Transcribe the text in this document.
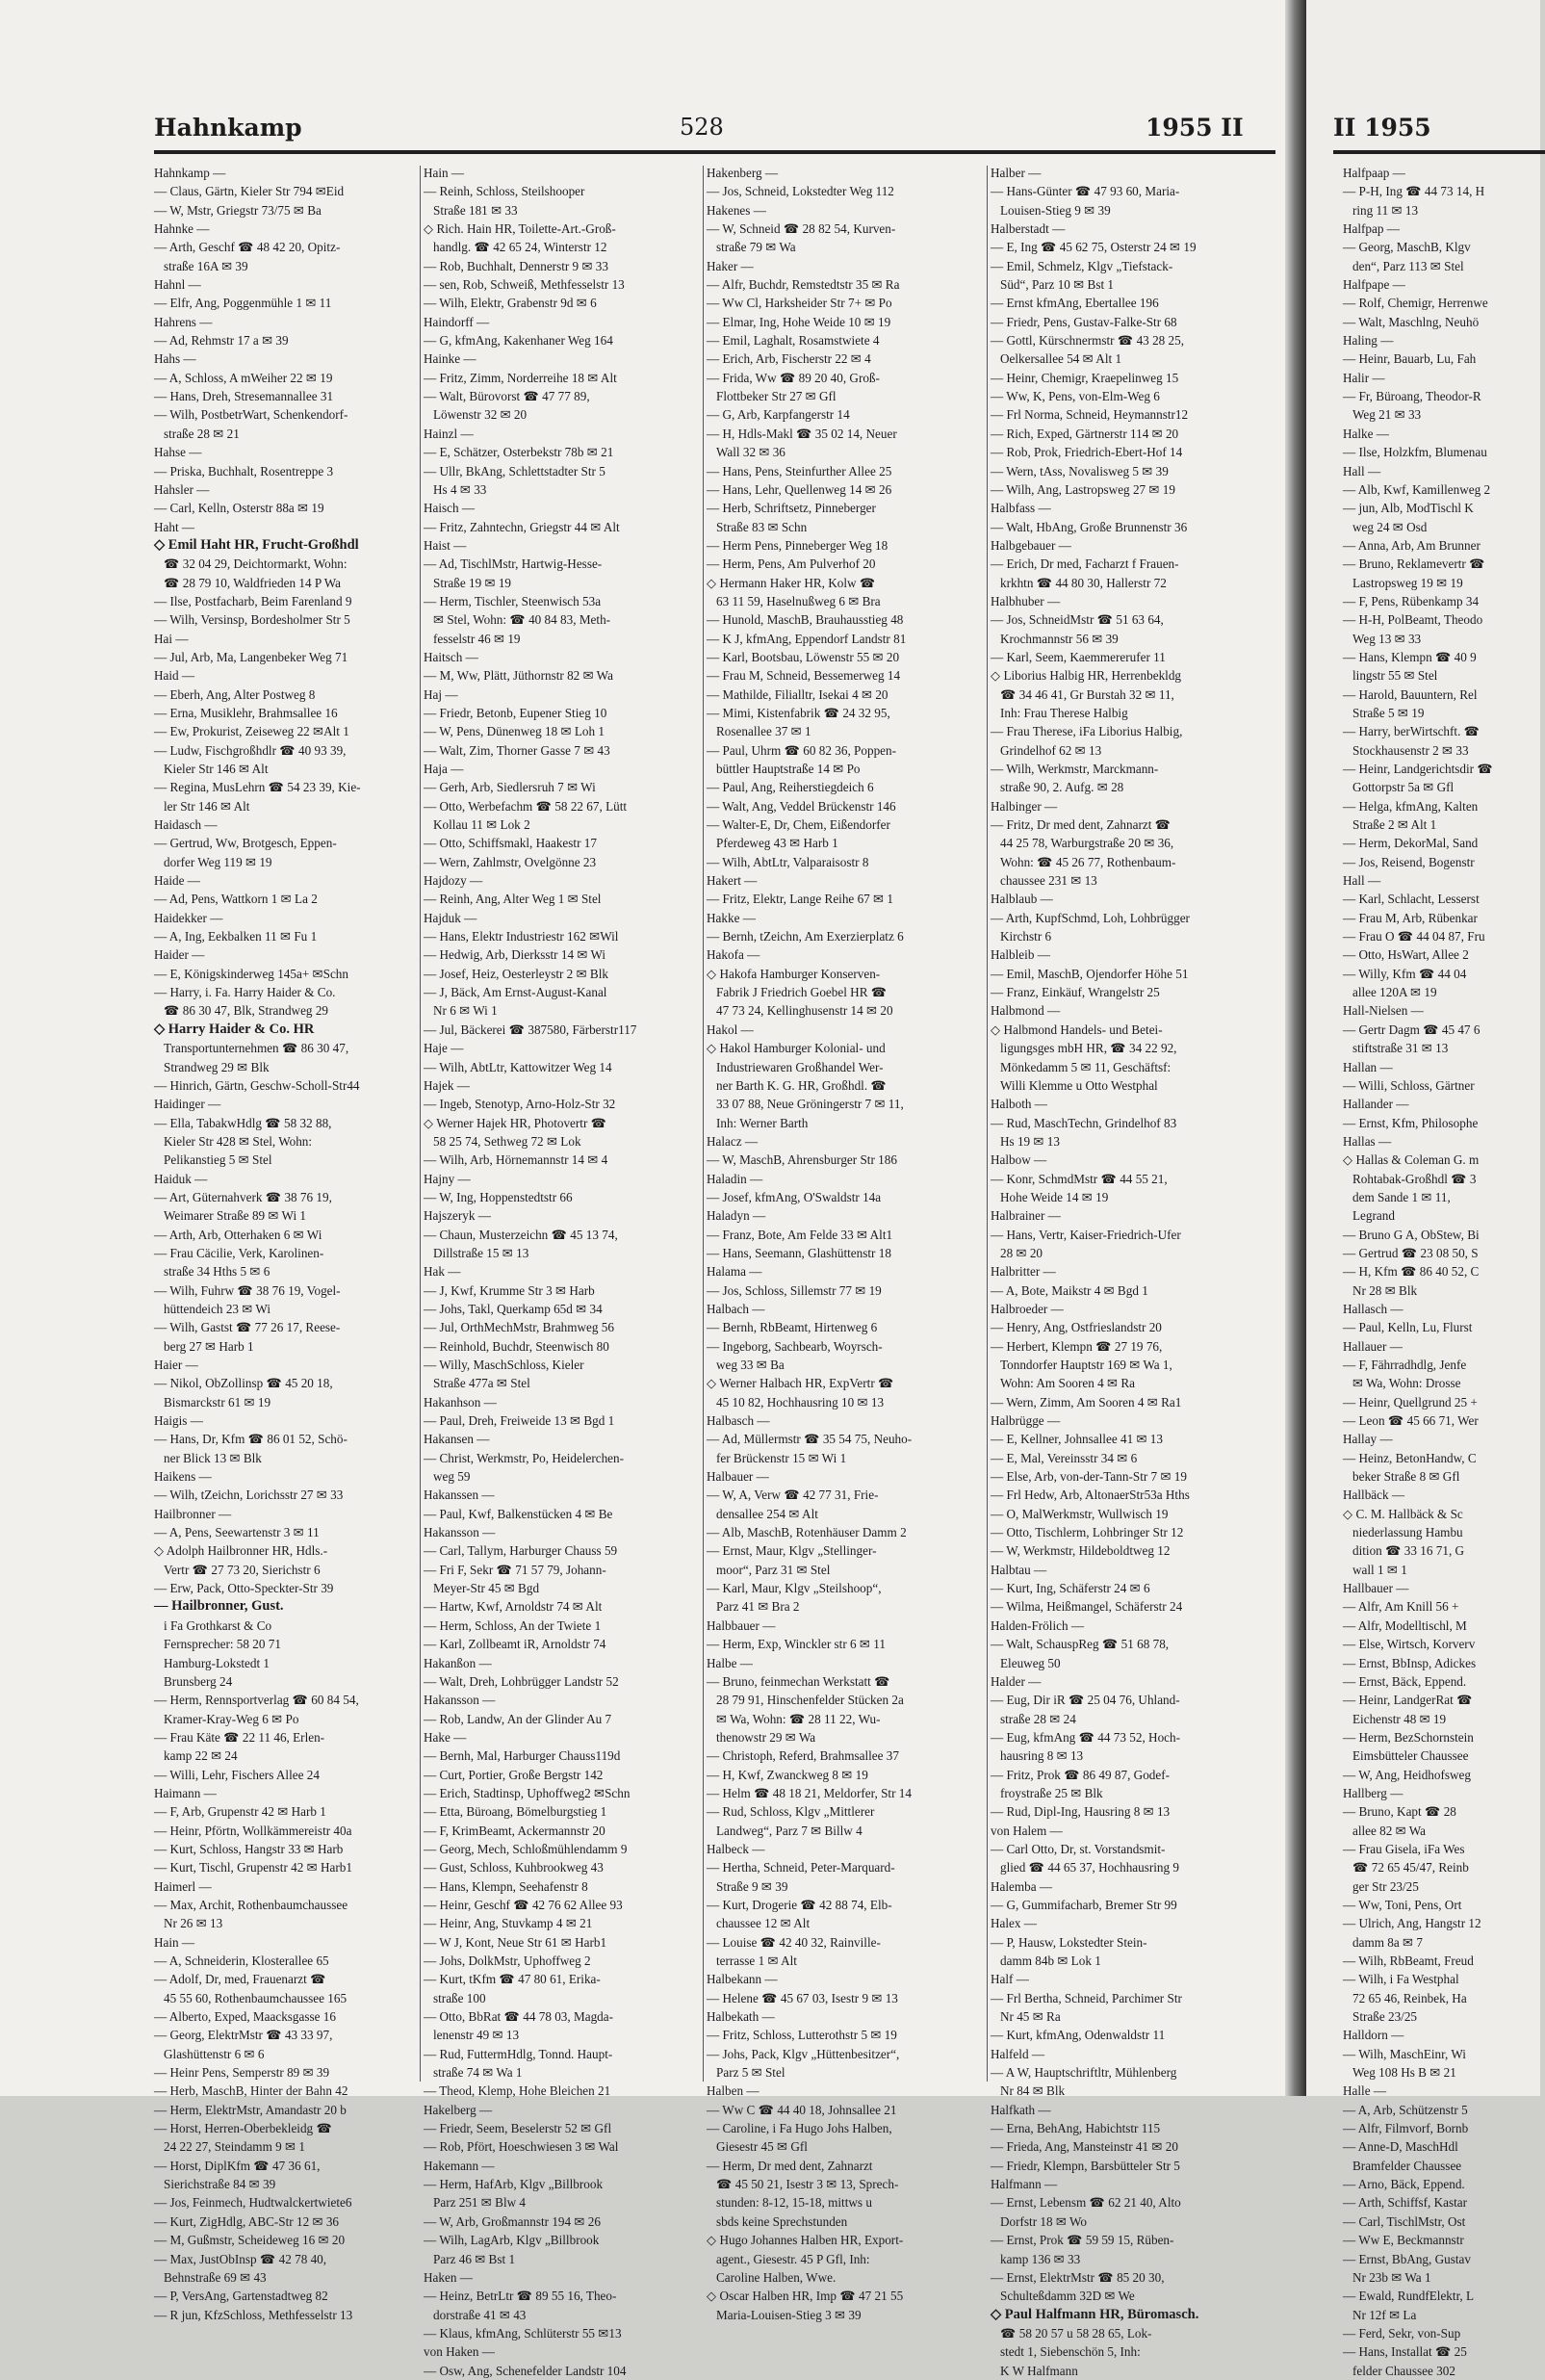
Hahnkamp	528	1955 II
Hahnkamp —
— Claus, Gärtn, Kieler Str 794 ✉Eid
— W, Mstr, Griegstr 73/75 ✉ Ba
Hahnke —
— Arth, Geschf ☎ 48 42 20, Opitz-
straße 16A ✉ 39
Hahnl —
— Elfr, Ang, Poggenmühle 1 ✉ 11
Hahrens —
— Ad, Rehmstr 17 a ✉ 39
Hahs —
— A, Schloss, A mWeiher 22 ✉ 19
— Hans, Dreh, Stresemannallee 31
— Wilh, PostbetrWart, Schenkendorf-
straße 28 ✉ 21
Hahse —
— Priska, Buchhalt, Rosentreppe 3
Hahsler —
— Carl, Kelln, Osterstr 88a ✉ 19
Haht —
◇ Emil Haht HR, Frucht-Großhdl
☎ 32 04 29, Deichtormarkt, Wohn:
☎ 28 79 10, Waldfrieden 14 P Wa
— Ilse, Postfacharb, Beim Farenland 9
— Wilh, Versinsp, Bordesholmer Str 5
Hai —
— Jul, Arb, Ma, Langenbeker Weg 71
Haid —
— Eberh, Ang, Alter Postweg 8
— Erna, Musiklehr, Brahmsallee 16
— Ew, Prokurist, Zeiseweg 22 ✉Alt 1
— Ludw, Fischgroßhdlr ☎ 40 93 39,
Kieler Str 146 ✉ Alt
— Regina, MusLehrn ☎ 54 23 39, Kie-
ler Str 146 ✉ Alt
Haidasch —
— Gertrud, Ww, Brotgesch, Eppen-
dorfer Weg 119 ✉ 19
Haide —
— Ad, Pens, Wattkorn 1 ✉ La 2
Haidekker —
— A, Ing, Eekbalken 11 ✉ Fu 1
Haider —
— E, Königskinderweg 145a+ ✉Schn
— Harry, i. Fa. Harry Haider & Co.
☎ 86 30 47, Blk, Strandweg 29
◇ Harry Haider & Co. HR
Transportunternehmen ☎ 86 30 47,
Strandweg 29 ✉ Blk
— Hinrich, Gärtn, Geschw-Scholl-Str44
Haidinger —
— Ella, TabakwHdlg ☎ 58 32 88,
Kieler Str 428 ✉ Stel, Wohn:
Pelikanstieg 5 ✉ Stel
Haiduk —
— Art, Güternahverk ☎ 38 76 19,
Weimarer Straße 89 ✉ Wi 1
— Arth, Arb, Otterhaken 6 ✉ Wi
— Frau Cäcilie, Verk, Karolinen-
straße 34 Hths 5 ✉ 6
— Wilh, Fuhrw ☎ 38 76 19, Vogel-
hüttendeich 23 ✉ Wi
— Wilh, Gastst ☎ 77 26 17, Reese-
berg 27 ✉ Harb 1
Haier —
— Nikol, ObZollinsp ☎ 45 20 18,
Bismarckstr 61 ✉ 19
Haigis —
— Hans, Dr, Kfm ☎ 86 01 52, Schö-
ner Blick 13 ✉ Blk
Haikens —
— Wilh, tZeichn, Lorichsstr 27 ✉ 33
Hailbronner —
— A, Pens, Seewartenstr 3 ✉ 11
◇ Adolph Hailbronner HR, Hdls.-
Vertr ☎ 27 73 20, Sierichstr 6
— Erw, Pack, Otto-Speckter-Str 39
— Hailbronner, Gust.
i Fa Grothkarst & Co
Fernsprecher: 58 20 71
Hamburg-Lokstedt 1
Brunsberg 24
— Herm, Rennsportverlag ☎ 60 84 54,
Kramer-Kray-Weg 6 ✉ Po
— Frau Käte ☎ 22 11 46, Erlen-
kamp 22 ✉ 24
— Willi, Lehr, Fischers Allee 24
Haimann —
— F, Arb, Grupenstr 42 ✉ Harb 1
— Heinr, Pförtn, Wollkämmereistr 40a
— Kurt, Schloss, Hangstr 33 ✉ Harb
— Kurt, Tischl, Grupenstr 42 ✉ Harb1
Haimerl —
— Max, Archit, Rothenbaumchaussee
Nr 26 ✉ 13
Hain —
— A, Schneiderin, Klosterallee 65
— Adolf, Dr, med, Frauenarzt ☎
45 55 60, Rothenbaumchaussee 165
— Alberto, Exped, Maacksgasse 16
— Georg, ElektrMstr ☎ 43 33 97,
Glashüttenstr 6 ✉ 6
— Heinr Pens, Semperstr 89 ✉ 39
— Herb, MaschB, Hinter der Bahn 42
— Herm, ElektrMstr, Amandastr 20 b
— Horst, Herren-Oberbekleidg ☎
24 22 27, Steindamm 9 ✉ 1
— Horst, DiplKfm ☎ 47 36 61,
Sierichstraße 84 ✉ 39
— Jos, Feinmech, Hudtwalckertwiete6
— Kurt, ZigHdlg, ABC-Str 12 ✉ 36
— M, Gußmstr, Scheideweg 16 ✉ 20
— Max, JustObInsp ☎ 42 78 40,
Behnstraße 69 ✉ 43
— P, VersAng, Gartenstadtweg 82
— R jun, KfzSchloss, Methfesselstr 13
Hain —
— Reinh, Schloss, Steilshooper
Straße 181 ✉ 33
◇ Rich. Hain HR, Toilette-Art.-Groß-
handlg. ☎ 42 65 24, Winterstr 12
— Rob, Buchhalt, Dennerstr 9 ✉ 33
— sen, Rob, Schweiß, Methfesselstr 13
— Wilh, Elektr, Grabenstr 9d ✉ 6
Haindorff —
— G, kfmAng, Kakenhaner Weg 164
Hainke —
— Fritz, Zimm, Norderreihe 18 ✉ Alt
— Walt, Bürovorst ☎ 47 77 89,
Löwenstr 32 ✉ 20
Hainzl —
— E, Schätzer, Osterbekstr 78b ✉ 21
— Ullr, BkAng, Schlettstadter Str 5
Hs 4 ✉ 33
Haisch —
— Fritz, Zahntechn, Griegstr 44 ✉ Alt
Haist —
— Ad, TischlMstr, Hartwig-Hesse-
Straße 19 ✉ 19
— Herm, Tischler, Steenwisch 53a
✉ Stel, Wohn: ☎ 40 84 83, Meth-
fesselstr 46 ✉ 19
Haitsch —
— M, Ww, Plätt, Jüthornstr 82 ✉ Wa
Haj —
— Friedr, Betonb, Eupener Stieg 10
— W, Pens, Dünenweg 18 ✉ Loh 1
— Walt, Zim, Thorner Gasse 7 ✉ 43
Haja —
— Gerh, Arb, Siedlersruh 7 ✉ Wi
— Otto, Werbefachm ☎ 58 22 67, Lütt
Kollau 11 ✉ Lok 2
— Otto, Schiffsmakl, Haakestr 17
— Wern, Zahlmstr, Ovelgönne 23
Hajdozy —
— Reinh, Ang, Alter Weg 1 ✉ Stel
Hajduk —
— Hans, Elektr Industriestr 162 ✉Wil
— Hedwig, Arb, Dierksstr 14 ✉ Wi
— Josef, Heiz, Oesterleystr 2 ✉ Blk
— J, Bäck, Am Ernst-August-Kanal
Nr 6 ✉ Wi 1
— Jul, Bäckerei ☎ 387580, Färberstr117
Haje —
— Wilh, AbtLtr, Kattowitzer Weg 14
Hajek —
— Ingeb, Stenotyp, Arno-Holz-Str 32
◇ Werner Hajek HR, Photovertr ☎
58 25 74, Sethweg 72 ✉ Lok
— Wilh, Arb, Hörnemannstr 14 ✉ 4
Hajny —
— W, Ing, Hoppenstedtstr 66
Hajszeryk —
— Chaun, Musterzeichn ☎ 45 13 74,
Dillstraße 15 ✉ 13
Hak —
— J, Kwf, Krumme Str 3 ✉ Harb
— Johs, Takl, Querkamp 65d ✉ 34
— Jul, OrthMechMstr, Brahmweg 56
— Reinhold, Buchdr, Steenwisch 80
— Willy, MaschSchloss, Kieler
Straße 477a ✉ Stel
Hakanhson —
— Paul, Dreh, Freiweide 13 ✉ Bgd 1
Hakansen —
— Christ, Werkmstr, Po, Heidelerchen-
weg 59
Hakanssen —
— Paul, Kwf, Balkenstücken 4 ✉ Be
Hakansson —
— Carl, Tallym, Harburger Chauss 59
— Fri F, Sekr ☎ 71 57 79, Johann-
Meyer-Str 45 ✉ Bgd
— Hartw, Kwf, Arnoldstr 74 ✉ Alt
— Herm, Schloss, An der Twiete 1
— Karl, Zollbeamt iR, Arnoldstr 74
Hakanßon —
— Walt, Dreh, Lohbrügger Landstr 52
Hakansson —
— Rob, Landw, An der Glinder Au 7
Hake —
— Bernh, Mal, Harburger Chauss119d
— Curt, Portier, Große Bergstr 142
— Erich, Stadtinsp, Uphoffweg2 ✉Schn
— Etta, Büroang, Bömelburgstieg 1
— F, KrimBeamt, Ackermannstr 20
— Georg, Mech, Schloßmühlendamm 9
— Gust, Schloss, Kuhbrookweg 43
— Hans, Klempn, Seehafenstr 8
— Heinr, Geschf ☎ 42 76 62 Allee 93
— Heinr, Ang, Stuvkamp 4 ✉ 21
— W J, Kont, Neue Str 61 ✉ Harb1
— Johs, DolkMstr, Uphoffweg 2
— Kurt, tKfm ☎ 47 80 61, Erika-
straße 100
— Otto, BbRat ☎ 44 78 03, Magda-
lenenstr 49 ✉ 13
— Rud, FuttermHdlg, Tonnd. Haupt-
straße 74 ✉ Wa 1
— Theod, Klemp, Hohe Bleichen 21
Hakelberg —
— Friedr, Seem, Beselerstr 52 ✉ Gfl
— Rob, Pfört, Hoeschwiesen 3 ✉ Wal
Hakemann —
— Herm, HafArb, Klgv „Billbrook
Parz 251 ✉ Blw 4
— W, Arb, Großmannstr 194 ✉ 26
— Wilh, LagArb, Klgv „Billbrook
Parz 46 ✉ Bst 1
Haken —
— Heinz, BetrLtr ☎ 89 55 16, Theo-
dorstraße 41 ✉ 43
— Klaus, kfmAng, Schlüterstr 55 ✉13
von Haken —
— Osw, Ang, Schenefelder Landstr 104
Hakenberg —
— Jos, Schneid, Lokstedter Weg 112
Hakenes —
— W, Schneid ☎ 28 82 54, Kurven-
straße 79 ✉ Wa
Haker —
— Alfr, Buchdr, Remstedtstr 35 ✉ Ra
— Ww Cl, Harksheider Str 7+ ✉ Po
— Elmar, Ing, Hohe Weide 10 ✉ 19
— Emil, Laghalt, Rosamstwiete 4
— Erich, Arb, Fischerstr 22 ✉ 4
— Frida, Ww ☎ 89 20 40, Groß-
Flottbeker Str 27 ✉ Gfl
— G, Arb, Karpfangerstr 14
— H, Hdls-Makl ☎ 35 02 14, Neuer
Wall 32 ✉ 36
— Hans, Pens, Steinfurther Allee 25
— Hans, Lehr, Quellenweg 14 ✉ 26
— Herb, Schriftsetz, Pinneberger
Straße 83 ✉ Schn
— Herm Pens, Pinneberger Weg 18
— Herm, Pens, Am Pulverhof 20
◇ Hermann Haker HR, Kolw ☎
63 11 59, Haselnußweg 6 ✉ Bra
— Hunold, MaschB, Brauhausstieg 48
— K J, kfmAng, Eppendorf Landstr 81
— Karl, Bootsbau, Löwenstr 55 ✉ 20
— Frau M, Schneid, Bessemerweg 14
— Mathilde, Filialltr, Isekai 4 ✉ 20
— Mimi, Kistenfabrik ☎ 24 32 95,
Rosenallee 37 ✉ 1
— Paul, Uhrm ☎ 60 82 36, Poppen-
büttler Hauptstraße 14 ✉ Po
— Paul, Ang, Reiherstiegdeich 6
— Walt, Ang, Veddel Brückenstr 146
— Walter-E, Dr, Chem, Eißendorfer
Pferdeweg 43 ✉ Harb 1
— Wilh, AbtLtr, Valparaisostr 8
Hakert —
— Fritz, Elektr, Lange Reihe 67 ✉ 1
Hakke —
— Bernh, tZeichn, Am Exerzierplatz 6
Hakofa —
◇ Hakofa Hamburger Konserven-
Fabrik J Friedrich Goebel HR ☎
47 73 24, Kellinghusenstr 14 ✉ 20
Hakol —
◇ Hakol Hamburger Kolonial- und
Industriewaren Großhandel Wer-
ner Barth K. G. HR, Großhdl. ☎
33 07 88, Neue Gröningerstr 7 ✉ 11,
Inh: Werner Barth
Halacz —
— W, MaschB, Ahrensburger Str 186
Haladin —
— Josef, kfmAng, O'Swaldstr 14a
Haladyn —
— Franz, Bote, Am Felde 33 ✉ Alt1
— Hans, Seemann, Glashüttenstr 18
Halama —
— Jos, Schloss, Sillemstr 77 ✉ 19
Halbach —
— Bernh, RbBeamt, Hirtenweg 6
— Ingeborg, Sachbearb, Woyrsch-
weg 33 ✉ Ba
◇ Werner Halbach HR, ExpVertr ☎
45 10 82, Hochhausring 10 ✉ 13
Halbasch —
— Ad, Müllermstr ☎ 35 54 75, Neuho-
fer Brückenstr 15 ✉ Wi 1
Halbauer —
— W, A, Verw ☎ 42 77 31, Frie-
densallee 254 ✉ Alt
— Alb, MaschB, Rotenhäuser Damm 2
— Ernst, Maur, Klgv „Stellinger-
moor“, Parz 31 ✉ Stel
— Karl, Maur, Klgv „Steilshoop“,
Parz 41 ✉ Bra 2
Halbbauer —
— Herm, Exp, Winckler str 6 ✉ 11
Halbe —
— Bruno, feinmechan Werkstatt ☎
28 79 91, Hinschenfelder Stücken 2a
✉ Wa, Wohn: ☎ 28 11 22, Wu-
thenowstr 29 ✉ Wa
— Christoph, Referd, Brahmsallee 37
— H, Kwf, Zwanckweg 8 ✉ 19
— Helm ☎ 48 18 21, Meldorfer, Str 14
— Rud, Schloss, Klgv „Mittlerer
Landweg“, Parz 7 ✉ Billw 4
Halbeck —
— Hertha, Schneid, Peter-Marquard-
Straße 9 ✉ 39
— Kurt, Drogerie ☎ 42 88 74, Elb-
chaussee 12 ✉ Alt
— Louise ☎ 42 40 32, Rainville-
terrasse 1 ✉ Alt
Halbekann —
— Helene ☎ 45 67 03, Isestr 9 ✉ 13
Halbekath —
— Fritz, Schloss, Lutterothstr 5 ✉ 19
— Johs, Pack, Klgv „Hüttenbesitzer“,
Parz 5 ✉ Stel
Halben —
— Ww C ☎ 44 40 18, Johnsallee 21
— Caroline, i Fa Hugo Johs Halben,
Giesestr 45 ✉ Gfl
— Herm, Dr med dent, Zahnarzt
☎ 45 50 21, Isestr 3 ✉ 13, Sprech-
stunden: 8-12, 15-18, mittws u
sbds keine Sprechstunden
◇ Hugo Johannes Halben HR, Export-
agent., Giesestr. 45 P Gfl, Inh:
Caroline Halben, Wwe.
◇ Oscar Halben HR, Imp ☎ 47 21 55
Maria-Louisen-Stieg 3 ✉ 39
Halber —
— Hans-Günter ☎ 47 93 60, Maria-
Louisen-Stieg 9 ✉ 39
Halberstadt —
— E, Ing ☎ 45 62 75, Osterstr 24 ✉ 19
— Emil, Schmelz, Klgv „Tiefstack-
Süd“, Parz 10 ✉ Bst 1
— Ernst kfmAng, Ebertallee 196
— Friedr, Pens, Gustav-Falke-Str 68
— Gottl, Kürschnermstr ☎ 43 28 25,
Oelkersallee 54 ✉ Alt 1
— Heinr, Chemigr, Kraepelinweg 15
— Ww, K, Pens, von-Elm-Weg 6
— Frl Norma, Schneid, Heymannstr12
— Rich, Exped, Gärtnerstr 114 ✉ 20
— Rob, Prok, Friedrich-Ebert-Hof 14
— Wern, tAss, Novalisweg 5 ✉ 39
— Wilh, Ang, Lastropsweg 27 ✉ 19
Halbfass —
— Walt, HbAng, Große Brunnenstr 36
Halbgebauer —
— Erich, Dr med, Facharzt f Frauen-
krkhtn ☎ 44 80 30, Hallerstr 72
Halbhuber —
— Jos, SchneidMstr ☎ 51 63 64,
Krochmannstr 56 ✉ 39
— Karl, Seem, Kaemmererufer 11
◇ Liborius Halbig HR, Herrenbekldg
☎ 34 46 41, Gr Burstah 32 ✉ 11,
Inh: Frau Therese Halbig
— Frau Therese, iFa Liborius Halbig,
Grindelhof 62 ✉ 13
— Wilh, Werkmstr, Marckmann-
straße 90, 2. Aufg. ✉ 28
Halbinger —
— Fritz, Dr med dent, Zahnarzt ☎
44 25 78, Warburgstraße 20 ✉ 36,
Wohn: ☎ 45 26 77, Rothenbaum-
chaussee 231 ✉ 13
Halblaub —
— Arth, KupfSchmd, Loh, Lohbrügger
Kirchstr 6
Halbleib —
— Emil, MaschB, Ojendorfer Höhe 51
— Franz, Einkäuf, Wrangelstr 25
Halbmond —
◇ Halbmond Handels- und Betei-
ligungsges mbH HR, ☎ 34 22 92,
Mönkedamm 5 ✉ 11, Geschäftsf:
Willi Klemme u Otto Westphal
Halboth —
— Rud, MaschTechn, Grindelhof 83
Hs 19 ✉ 13
Halbow —
— Konr, SchmdMstr ☎ 44 55 21,
Hohe Weide 14 ✉ 19
Halbrainer —
— Hans, Vertr, Kaiser-Friedrich-Ufer
28 ✉ 20
Halbritter —
— A, Bote, Maikstr 4 ✉ Bgd 1
Halbroeder —
— Henry, Ang, Ostfrieslandstr 20
— Herbert, Klempn ☎ 27 19 76,
Tonndorfer Hauptstr 169 ✉ Wa 1,
Wohn: Am Sooren 4 ✉ Ra
— Wern, Zimm, Am Sooren 4 ✉ Ra1
Halbrügge —
— E, Kellner, Johnsallee 41 ✉ 13
— E, Mal, Vereinsstr 34 ✉ 6
— Else, Arb, von-der-Tann-Str 7 ✉ 19
— Frl Hedw, Arb, AltonaerStr53a Hths
— O, MalWerkmstr, Wullwisch 19
— Otto, Tischlerm, Lohbringer Str 12
— W, Werkmstr, Hildeboldtweg 12
Halbtau —
— Kurt, Ing, Schäferstr 24 ✉ 6
— Wilma, Heißmangel, Schäferstr 24
Halden-Frölich —
— Walt, SchauspReg ☎ 51 68 78,
Eleuweg 50
Halder —
— Eug, Dir iR ☎ 25 04 76, Uhland-
straße 28 ✉ 24
— Eug, kfmAng ☎ 44 73 52, Hoch-
hausring 8 ✉ 13
— Fritz, Prok ☎ 86 49 87, Godef-
froystraße 25 ✉ Blk
— Rud, Dipl-Ing, Hausring 8 ✉ 13
von Halem —
— Carl Otto, Dr, st. Vorstandsmit-
glied ☎ 44 65 37, Hochhausring 9
Halemba —
— G, Gummifacharb, Bremer Str 99
Halex —
— P, Hausw, Lokstedter Stein-
damm 84b ✉ Lok 1
Half —
— Frl Bertha, Schneid, Parchimer Str
Nr 45 ✉ Ra
— Kurt, kfmAng, Odenwaldstr 11
Halfeld —
— A W, Hauptschriftltr, Mühlenberg
Nr 84 ✉ Blk
Halfkath —
— Erna, BehAng, Habichtstr 115
— Frieda, Ang, Mansteinstr 41 ✉ 20
— Friedr, Klempn, Barsbütteler Str 5
Halfmann —
— Ernst, Lebensm ☎ 62 21 40, Alto
Dorfstr 18 ✉ Wo
— Ernst, Prok ☎ 59 59 15, Rüben-
kamp 136 ✉ 33
— Ernst, ElektrMstr ☎ 85 20 30,
Schulteßdamm 32D ✉ We
◇ Paul Halfmann HR, Büromasch.
☎ 58 20 57 u 58 28 65, Lok-
stedt 1, Siebenschön 5, Inh:
K W Halfmann
II 1955
Halfpaap —
— P-H, Ing ☎ 44 73 14, H
ring 11 ✉ 13
Halfpap —
— Georg, MaschB, Klgv
den“, Parz 113 ✉ Stel
Halfpape —
— Rolf, Chemigr, Herrenwe
— Walt, Maschlng, Neuhö
Haling —
— Heinr, Bauarb, Lu, Fah
Halir —
— Fr, Büroang, Theodor-R
Weg 21 ✉ 33
Halke —
— Ilse, Holzkfm, Blumenau
Hall —
— Alb, Kwf, Kamillenweg 2
— jun, Alb, ModTischl K
weg 24 ✉ Osd
— Anna, Arb, Am Brunner
— Bruno, Reklamevertr ☎
Lastropsweg 19 ✉ 19
— F, Pens, Rübenkamp 34
— H-H, PolBeamt, Theodo
Weg 13 ✉ 33
— Hans, Klempn ☎ 40 9
lingstr 55 ✉ Stel
— Harold, Bauuntern, Rel
Straße 5 ✉ 19
— Harry, berWirtschft. ☎
Stockhausenstr 2 ✉ 33
— Heinr, Landgerichtsdir ☎
Gottorpstr 5a ✉ Gfl
— Helga, kfmAng, Kalten
Straße 2 ✉ Alt 1
— Herm, DekorMal, Sand
— Jos, Reisend, Bogenstr
Hall —
— Karl, Schlacht, Lesserst
— Frau M, Arb, Rübenkar
— Frau O ☎ 44 04 87, Fru
— Otto, HsWart, Allee 2
— Willy, Kfm ☎ 44 04
allee 120A ✉ 19
Hall-Nielsen —
— Gertr Dagm ☎ 45 47 6
stiftstraße 31 ✉ 13
Hallan —
— Willi, Schloss, Gärtner
Hallander —
— Ernst, Kfm, Philosophe
Hallas —
◇ Hallas & Coleman G. m
Rohtabak-Großhdl ☎ 3
dem Sande 1 ✉ 11,
Legrand
— Bruno G A, ObStew, Bi
— Gertrud ☎ 23 08 50, S
— H, Kfm ☎ 86 40 52, C
Nr 28 ✉ Blk
Hallasch —
— Paul, Kelln, Lu, Flurst
Hallauer —
— F, Fährradhdlg, Jenfe
✉ Wa, Wohn: Drosse
— Heinr, Quellgrund 25 +
— Leon ☎ 45 66 71, Wer
Hallay —
— Heinz, BetonHandw, C
beker Straße 8 ✉ Gfl
Hallbäck —
◇ C. M. Hallbäck & Sc
niederlassung Hambu
dition ☎ 33 16 71, G
wall 1 ✉ 1
Hallbauer —
— Alfr, Am Knill 56 +
— Alfr, Modelltischl, M
— Else, Wirtsch, Korverv
— Ernst, BbInsp, Adickes
— Ernst, Bäck, Eppend.
— Heinr, LandgerRat ☎
Eichenstr 48 ✉ 19
— Herm, BezSchornstein
Eimsbütteler Chaussee
— W, Ang, Heidhofsweg
Hallberg —
— Bruno, Kapt ☎ 28
allee 82 ✉ Wa
— Frau Gisela, iFa Wes
☎ 72 65 45/47, Reinb
ger Str 23/25
— Ww, Toni, Pens, Ort
— Ulrich, Ang, Hangstr 12
damm 8a ✉ 7
— Wilh, RbBeamt, Freud
— Wilh, i Fa Westphal
72 65 46, Reinbek, Ha
Straße 23/25
Halldorn —
— Wilh, MaschEinr, Wi
Weg 108 Hs B ✉ 21
Halle —
— A, Arb, Schützenstr 5
— Alfr, Filmvorf, Bornb
— Anne-D, MaschHdl
Bramfelder Chaussee
— Arno, Bäck, Eppend.
— Arth, Schiffsf, Kastar
— Carl, TischlMstr, Ost
— Ww E, Beckmannstr
— Ernst, BbAng, Gustav
Nr 23b ✉ Wa 1
— Ewald, RundfElektr, L
Nr 12f ✉ La
— Ferd, Sekr, von-Sup
— Hans, Installat ☎ 25
felder Chaussee 302
